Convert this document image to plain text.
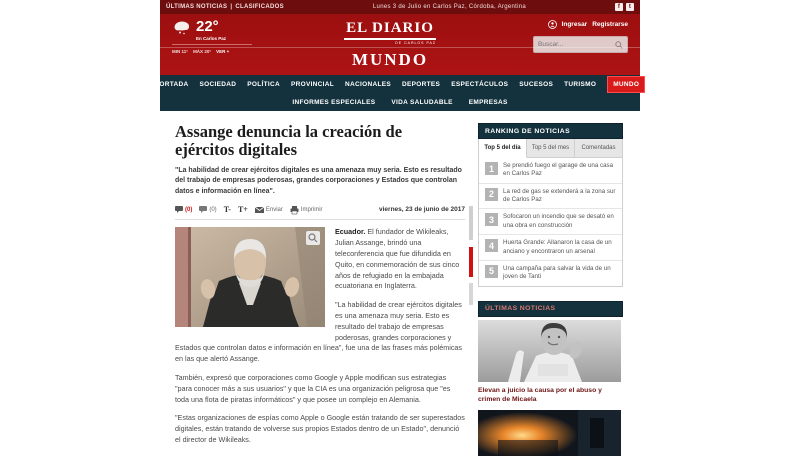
ÚLTIMAS NOTICIAS | CLASIFICADOS	Lunes 3 de Julio en Carlos Paz, Córdoba, Argentina	f	t
22°
En Carlos Paz
MIN 11° MÁX 20° VER +
EL DIARIO
DE CARLOS PAZ
MUNDO
Ingresar Registrarse
Buscar...
PORTADA SOCIEDAD POLÍTICA PROVINCIAL NACIONALES DEPORTES ESPECTÁCULOS SUCESOS TURISMO	MUNDO
INFORMES ESPECIALES VIDA SALUDABLE EMPRESAS
Assange denuncia la creación de ejércitos digitales
"La habilidad de crear ejércitos digitales es una amenaza muy seria. Esto es resultado del trabajo de empresas poderosas, grandes corporaciones y Estados que controlan datos e información en línea".
(0)	(0) T- T+	Enviar	Imprimir	viernes, 23 de junio de 2017

Ecuador. El fundador de Wikileaks, Julian Assange, brindó una teleconferencia que fue difundida en Quito, en conmemoración de sus cinco años de refugiado en la embajada ecuatoriana en Inglaterra.

"La habilidad de crear ejércitos digitales es una amenaza muy seria. Esto es resultado del trabajo de empresas poderosas, grandes corporaciones y Estados que controlan datos e información en línea", fue una de las frases más polémicas en las que alertó Assange.

También, expresó que corporaciones como Google y Apple modifican sus estrategias "para conocer más a sus usuarios" y que la CIA es una organización peligrosa que "es toda una flota de piratas informáticos" y que posee un complejo en Alemania.

"Estas organizaciones de espías como Apple o Google están tratando de ser superestados digitales, están tratando de volverse sus propios Estados dentro de un Estado", denunció el director de Wikileaks.

RANKING DE NOTICIAS
Top 5 del día	Top 5 del mes	Comentadas
1	Se prendió fuego el garage de una casa en Carlos Paz
2	La red de gas se extenderá a la zona sur de Carlos Paz
3	Sofocaron un incendio que se desató en una obra en construcción
4	Huerta Grande: Allanaron la casa de un anciano y encontraron un arsenal
5	Una campaña para salvar la vida de un joven de Tanti
ÚLTIMAS NOTICIAS
Elevan a juicio la causa por el abuso y crimen de Micaela
